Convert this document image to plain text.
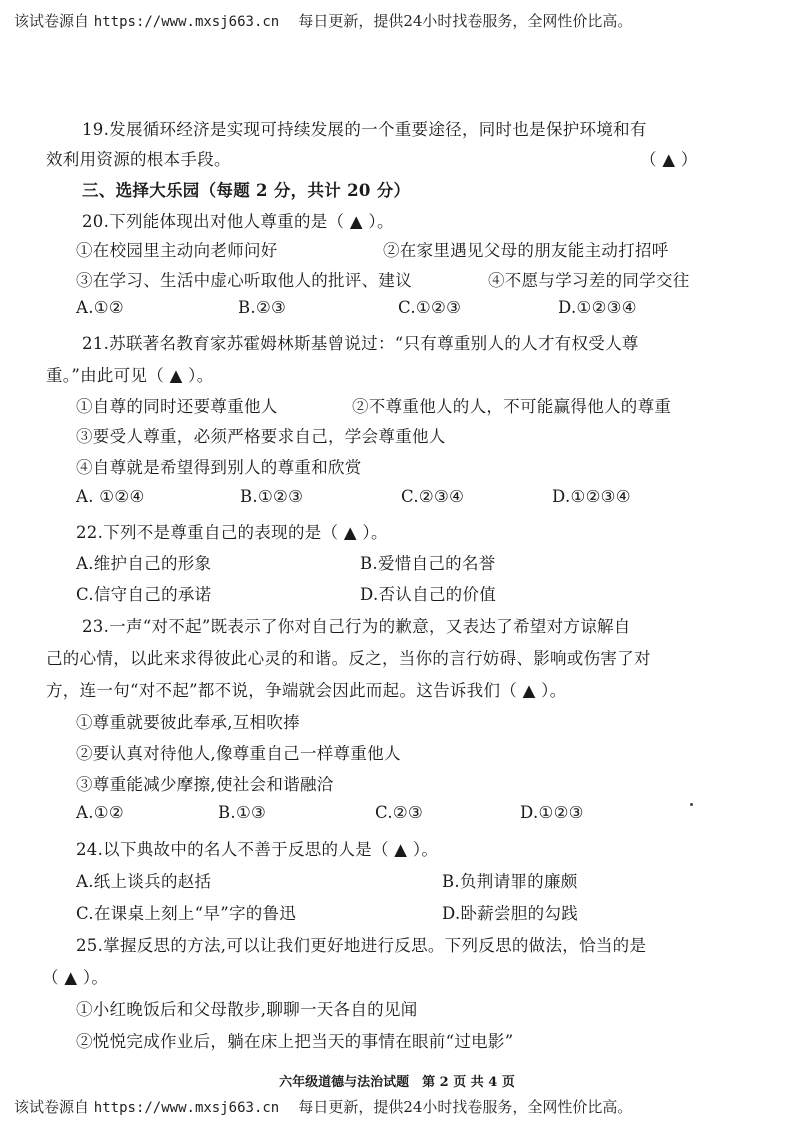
该试卷源自 https://www.mxsj663.cn 每日更新，提供24小时找卷服务，全网性价比高。
19.发展循环经济是实现可持续发展的一个重要途径，同时也是保护环境和有
效利用资源的根本手段。	（ ▲ ）
三、选择大乐园（每题 2 分，共计 20 分）
20.下列能体现出对他人尊重的是（ ▲ ）。
①在校园里主动向老师问好	②在家里遇见父母的朋友能主动打招呼
③在学习、生活中虚心听取他人的批评、建议	④不愿与学习差的同学交往
A.①②	B.②③	C.①②③	D.①②③④
21.苏联著名教育家苏霍姆林斯基曾说过：“只有尊重别人的人才有权受人尊
重。”由此可见（ ▲ ）。
①自尊的同时还要尊重他人	②不尊重他人的人，不可能赢得他人的尊重
③要受人尊重，必须严格要求自己，学会尊重他人
④自尊就是希望得到别人的尊重和欣赏
A. ①②④	B.①②③	C.②③④	D.①②③④
22.下列不是尊重自己的表现的是（ ▲ ）。
A.维护自己的形象	B.爱惜自己的名誉
C.信守自己的承诺	D.否认自己的价值
23.一声“对不起”既表示了你对自己行为的歉意，又表达了希望对方谅解自
己的心情，以此来求得彼此心灵的和谐。反之，当你的言行妨碍、影响或伤害了对
方，连一句“对不起”都不说，争端就会因此而起。这告诉我们（ ▲ ）。
①尊重就要彼此奉承,互相吹捧
②要认真对待他人,像尊重自己一样尊重他人
③尊重能减少摩擦,使社会和谐融洽
A.①②	B.①③	C.②③	D.①②③
24.以下典故中的名人不善于反思的人是（ ▲ ）。
A.纸上谈兵的赵括	B.负荆请罪的廉颇
C.在课桌上刻上“早”字的鲁迅	D.卧薪尝胆的勾践
25.掌握反思的方法,可以让我们更好地进行反思。下列反思的做法，恰当的是
（ ▲ ）。
①小红晚饭后和父母散步,聊聊一天各自的见闻
②悦悦完成作业后，躺在床上把当天的事情在眼前“过电影”
六年级道德与法治试题　第 2 页 共 4 页
该试卷源自 https://www.mxsj663.cn 每日更新，提供24小时找卷服务，全网性价比高。
